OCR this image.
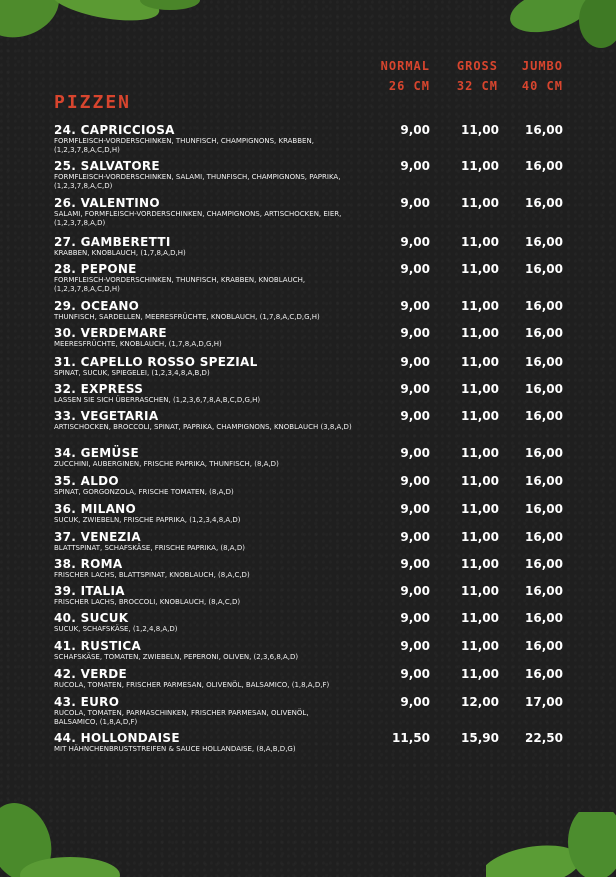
NORMAL
26 CM
GROSS
32 CM
JUMBO
40 CM
PIZZEN
24. CAPRICCIOSA
FORMFLEISCH-VORDERSCHINKEN, THUNFISCH, CHAMPIGNONS, KRABBEN, (1,2,3,7,8,A,C,D,H)
9,00	11,00	16,00
25. SALVATORE
FORMFLEISCH-VORDERSCHINKEN, SALAMI, THUNFISCH, CHAMPIGNONS, PAPRIKA, (1,2,3,7,8,A,C,D)
9,00	11,00	16,00
26. VALENTINO
SALAMI, FORMFLEISCH-VORDERSCHINKEN, CHAMPIGNONS, ARTISCHOCKEN, EIER, (1,2,3,7,8,A,D)
9,00	11,00	16,00
27. GAMBERETTI
KRABBEN, KNOBLAUCH, (1,7,8,A,D,H)
9,00	11,00	16,00
28. PEPONE
FORMFLEISCH-VORDERSCHINKEN, THUNFISCH, KRABBEN, KNOBLAUCH, (1,2,3,7,8,A,C,D,H)
9,00	11,00	16,00
29. OCEANO
THUNFISCH, SARDELLEN, MEERESFRÜCHTE, KNOBLAUCH, (1,7,8,A,C,D,G,H)
9,00	11,00	16,00
30. VERDEMARE
MEERESFRÜCHTE, KNOBLAUCH, (1,7,8,A,D,G,H)
9,00	11,00	16,00
31. CAPELLO ROSSO SPEZIAL
SPINAT, SUCUK, SPIEGELEI, (1,2,3,4,8,A,B,D)
9,00	11,00	16,00
32. EXPRESS
LASSEN SIE SICH ÜBERRASCHEN, (1,2,3,6,7,8,A,B,C,D,G,H)
9,00	11,00	16,00
33. VEGETARIA
ARTISCHOCKEN, BROCCOLI, SPINAT, PAPRIKA, CHAMPIGNONS, KNOBLAUCH (3,8,A,D)
9,00	11,00	16,00
34. GEMÜSE
ZUCCHINI, AUBERGINEN, FRISCHE PAPRIKA, THUNFISCH, (8,A,D)
9,00	11,00	16,00
35. ALDO
SPINAT, GORGONZOLA, FRISCHE TOMATEN, (8,A,D)
9,00	11,00	16,00
36. MILANO
SUCUK, ZWIEBELN, FRISCHE PAPRIKA, (1,2,3,4,8,A,D)
9,00	11,00	16,00
37. VENEZIA
BLATTSPINAT, SCHAFSKÄSE, FRISCHE PAPRIKA, (8,A,D)
9,00	11,00	16,00
38. ROMA
FRISCHER LACHS, BLATTSPINAT, KNOBLAUCH, (8,A,C,D)
9,00	11,00	16,00
39. ITALIA
FRISCHER LACHS, BROCCOLI, KNOBLAUCH, (8,A,C,D)
9,00	11,00	16,00
40. SUCUK
SUCUK, SCHAFSKÄSE, (1,2,4,8,A,D)
9,00	11,00	16,00
41. RUSTICA
SCHAFSKÄSE, TOMATEN, ZWIEBELN, PEPERONI, OLIVEN, (2,3,6,8,A,D)
9,00	11,00	16,00
42. VERDE
RUCOLA, TOMATEN, FRISCHER PARMESAN, OLIVENÖL, BALSAMICO, (1,8,A,D,F)
9,00	11,00	16,00
43. EURO
RUCOLA, TOMATEN, PARMASCHINKEN, FRISCHER PARMESAN, OLIVENÖL, BALSAMICO, (1,8,A,D,F)
9,00	12,00	17,00
44. HOLLONDAISE
MIT HÄHNCHENBRUSTSTREIFEN & SAUCE HOLLANDAISE, (8,A,B,D,G)
11,50	15,90	22,50
